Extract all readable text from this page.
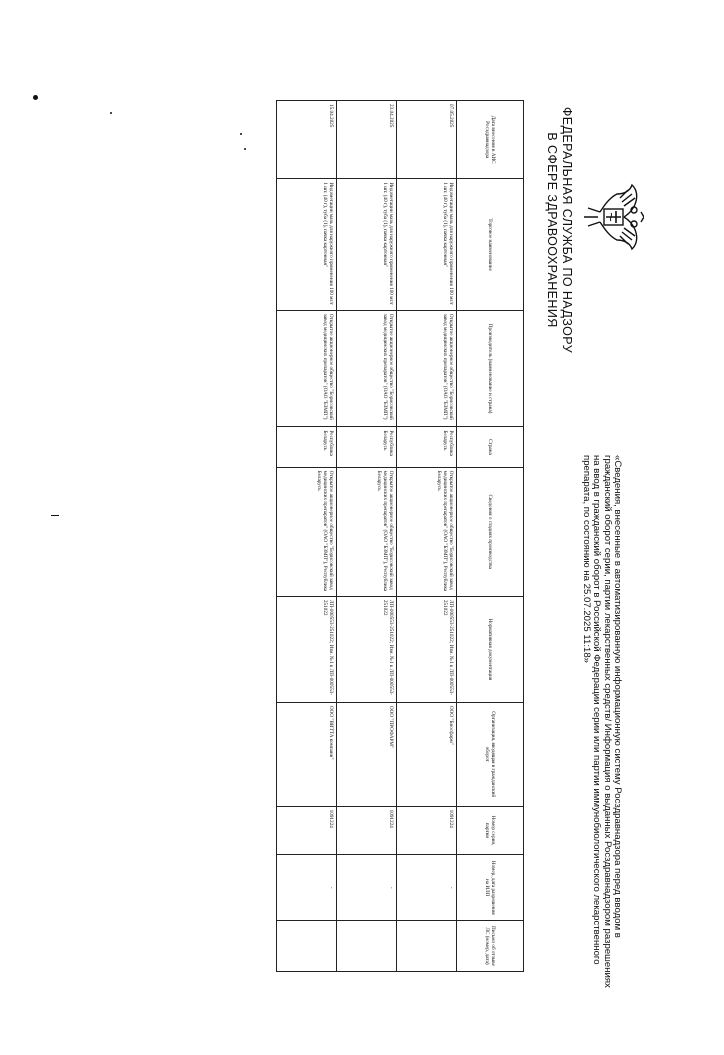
ФЕДЕРАЛЬНАЯ СЛУЖБА ПО НАДЗОРУ
В СФЕРЕ ЗДРАВООХРАНЕНИЯ
«Сведения, внесенные в автоматизированную информационную систему Росздравнадзора перед вводом в
гражданский оборот серии, партии лекарственных средств/ Информация о выданных Росздравнадзором разрешениях
на ввод в гражданский оборот в Российской Федерации серии или партии иммунобиологического лекарственного
препарата, по состоянию на 25.07.2025 11:18»
Дата внесения в АИС Росздравнадзора	Торговое наименование	Производитель (наименование и страна)	Страна	Сведения о стадиях производства	Нормативная документация	Организация, вводящая в гражданский оборот	Номер серии, партии	Номер, дата разрешения на ИЛП	Письмо об отзыве ЛС (номер, дата)
07.05.2025	Индометацин мазь для наружного применения 100 мг/г 1 шт. (40 г), туба (1), пачка картонная"	Открытое акционерное общество "Борисовский завод медицинских препаратов" (ОАО "БЗМП")	Республика Беларусь	Открытое акционерное общество "Борисовский завод медицинских препаратов" (ОАО "БЗМП"), Республика Беларусь	ЛП-000553-251022; Изм. №1 к ЛП-000553-251022	ООО "Биосфарм"	1091224	-	
23.04.2025	Индометацин мазь для наружного применения 100 мг/г 1 шт. (40 г), туба (1), пачка картонная"	Открытое акционерное общество "Борисовский завод медицинских препаратов" (ОАО "БЗМП")	Республика Беларусь	Открытое акционерное общество "Борисовский завод медицинских препаратов" (ОАО "БЗМП"), Республика Беларусь	ЛП-000553-251022; Изм. №1 к ЛП-000553-251022	ООО "ПРОФАРМ"	1091224	-	
15.04.2025	Индометацин мазь для наружного применения 100 мг/г 1 шт. (40 г), туба (1), пачка картонная"	Открытое акционерное общество "Борисовский завод медицинских препаратов" (ОАО "БЗМП")	Республика Беларусь	Открытое акционерное общество "Борисовский завод медицинских препаратов" (ОАО "БЗМП"), Республика Беларусь	ЛП-000553-251022; Изм. №1 к ЛП-000553-251022	ООО "ВИТТА компани"	1091224	-	
